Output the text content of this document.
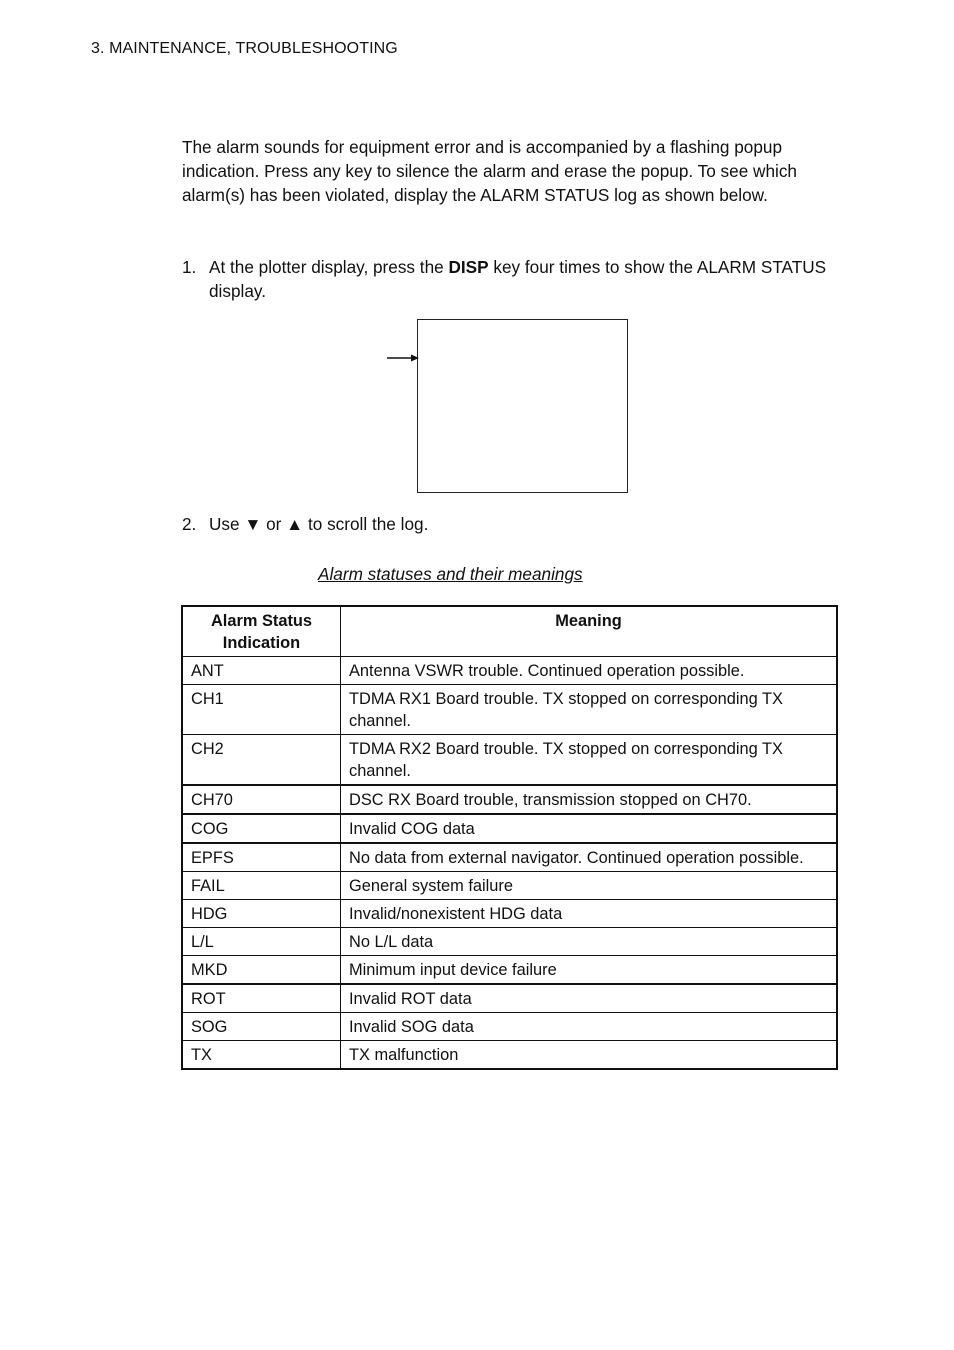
3. MAINTENANCE, TROUBLESHOOTING

The alarm sounds for equipment error and is accompanied by a flashing popup indication. Press any key to silence the alarm and erase the popup. To see which alarm(s) has been violated, display the ALARM STATUS log as shown below.

1. At the plotter display, press the DISP key four times to show the ALARM STATUS display.
2. Use ▼ or ▲ to scroll the log.
Alarm statuses and their meanings
Alarm Status Indication	Meaning
ANT	Antenna VSWR trouble. Continued operation possible.
CH1	TDMA RX1 Board trouble. TX stopped on corresponding TX channel.
CH2	TDMA RX2 Board trouble. TX stopped on corresponding TX channel.
CH70	DSC RX Board trouble, transmission stopped on CH70.
COG	Invalid COG data
EPFS	No data from external navigator. Continued operation possible.
FAIL	General system failure
HDG	Invalid/nonexistent HDG data
L/L	No L/L data
MKD	Minimum input device failure
ROT	Invalid ROT data
SOG	Invalid SOG data
TX	TX malfunction
